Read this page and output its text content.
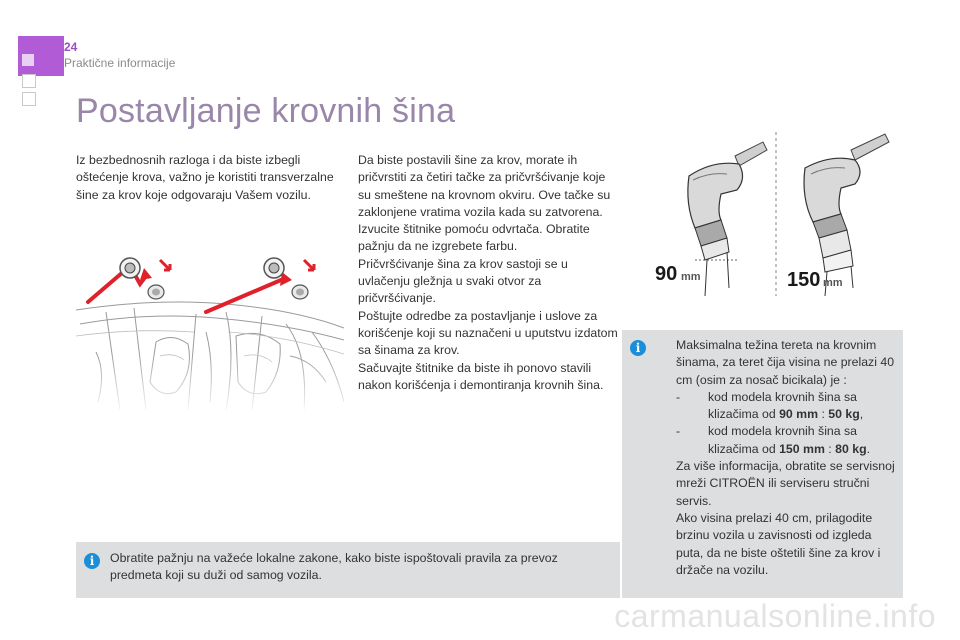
24
Praktične informacije
Postavljanje krovnih šina

Iz bezbednosnih razloga i da biste izbegli oštećenje krova, važno je koristiti transverzalne šine za krov koje odgovaraju Vašem vozilu.

Da biste postavili šine za krov, morate ih pričvrstiti za četiri tačke za pričvršćivanje koje su smeštene na krovnom okviru. Ove tačke su zaklonjene vratima vozila kada su zatvorena.

Izvucite štitnike pomoću odvrtača. Obratite pažnju da ne izgrebete farbu.

Pričvršćivanje šina za krov sastoji se u uvlačenju gležnja u svaki otvor za pričvršćivanje.

Poštujte odredbe za postavljanje i uslove za korišćenje koji su naznačeni u uputstvu izdatom sa šinama za krov.

Sačuvajte štitnike da biste ih ponovo stavili nakon korišćenja i demontiranja krovnih šina.

90 mm	150 mm
i	Maksimalna težina tereta na krovnim šinama, za teret čija visina ne prelazi 40 cm (osim za nosač bicikala) je :

- kod modela krovnih šina sa
klizačima od 90 mm : 50 kg,
- kod modela krovnih šina sa
klizačima od 150 mm : 80 kg.

Za više informacija, obratite se servisnoj mreži CITROËN ili serviseru stručni servis.

Ako visina prelazi 40 cm, prilagodite brzinu vozila u zavisnosti od izgleda puta, da ne biste oštetili šine za krov i držače na vozilu.

i	Obratite pažnju na važeće lokalne zakone, kako biste ispoštovali pravila za prevoz predmeta koji su duži od samog vozila.

carmanualsonline.info
